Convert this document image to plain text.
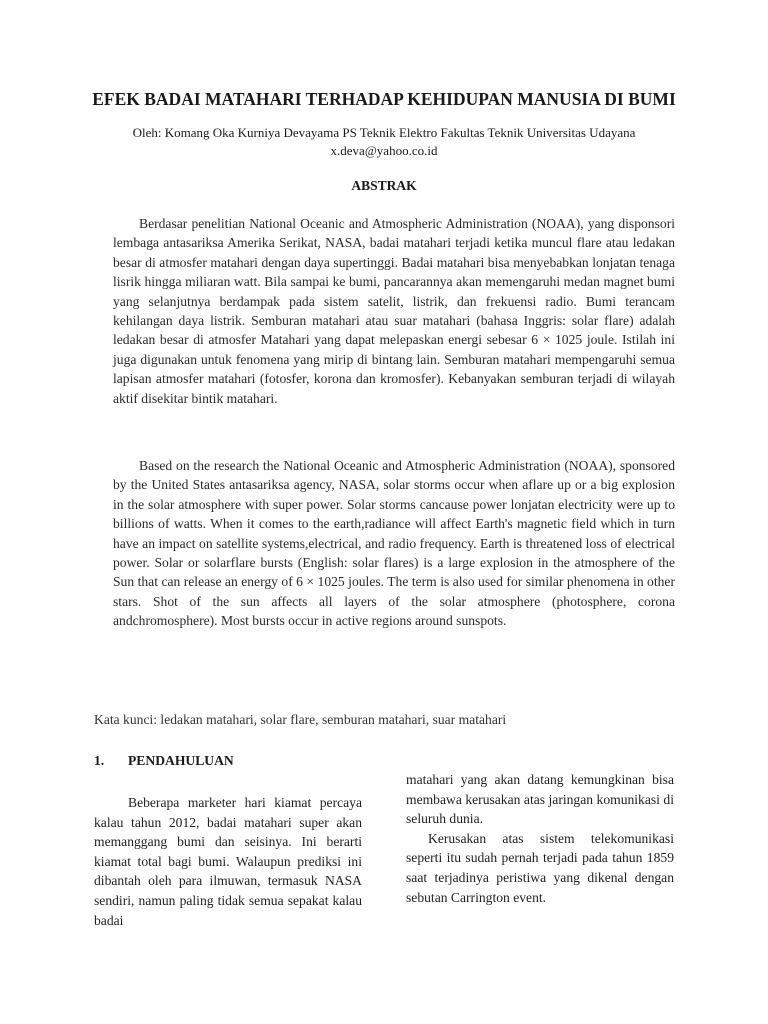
EFEK BADAI MATAHARI TERHADAP KEHIDUPAN MANUSIA DI BUMI
Oleh: Komang Oka Kurniya Devayama PS Teknik Elektro Fakultas Teknik Universitas Udayana
x.deva@yahoo.co.id
ABSTRAK
Berdasar penelitian National Oceanic and Atmospheric Administration (NOAA), yang disponsori lembaga antasariksa Amerika Serikat, NASA, badai matahari terjadi ketika muncul flare atau ledakan besar di atmosfer matahari dengan daya supertinggi. Badai matahari bisa menyebabkan lonjatan tenaga lisrik hingga miliaran watt. Bila sampai ke bumi, pancarannya akan memengaruhi medan magnet bumi yang selanjutnya berdampak pada sistem satelit, listrik, dan frekuensi radio. Bumi terancam kehilangan daya listrik. Semburan matahari atau suar matahari (bahasa Inggris: solar flare) adalah ledakan besar di atmosfer Matahari yang dapat melepaskan energi sebesar 6 × 1025 joule. Istilah ini juga digunakan untuk fenomena yang mirip di bintang lain. Semburan matahari mempengaruhi semua lapisan atmosfer matahari (fotosfer, korona dan kromosfer). Kebanyakan semburan terjadi di wilayah aktif disekitar bintik matahari.
Based on the research the National Oceanic and Atmospheric Administration (NOAA), sponsored by the United States antasariksa agency, NASA, solar storms occur when aflare up or a big explosion in the solar atmosphere with super power. Solar storms cancause power lonjatan electricity were up to billions of watts. When it comes to the earth,radiance will affect Earth's magnetic field which in turn have an impact on satellite systems,electrical, and radio frequency. Earth is threatened loss of electrical power. Solar or solarflare bursts (English: solar flares) is a large explosion in the atmosphere of the Sun that can release an energy of 6 × 1025 joules. The term is also used for similar phenomena in other stars. Shot of the sun affects all layers of the solar atmosphere (photosphere, corona andchromosphere). Most bursts occur in active regions around sunspots.
Kata kunci: ledakan matahari, solar flare, semburan matahari, suar matahari
1. PENDAHULUAN

Beberapa marketer hari kiamat percaya kalau tahun 2012, badai matahari super akan memanggang bumi dan seisinya. Ini berarti kiamat total bagi bumi. Walaupun prediksi ini dibantah oleh para ilmuwan, termasuk NASA sendiri, namun paling tidak semua sepakat kalau badai

matahari yang akan datang kemungkinan bisa membawa kerusakan atas jaringan komunikasi di seluruh dunia.

Kerusakan atas sistem telekomunikasi seperti itu sudah pernah terjadi pada tahun 1859 saat terjadinya peristiwa yang dikenal dengan sebutan Carrington event.
